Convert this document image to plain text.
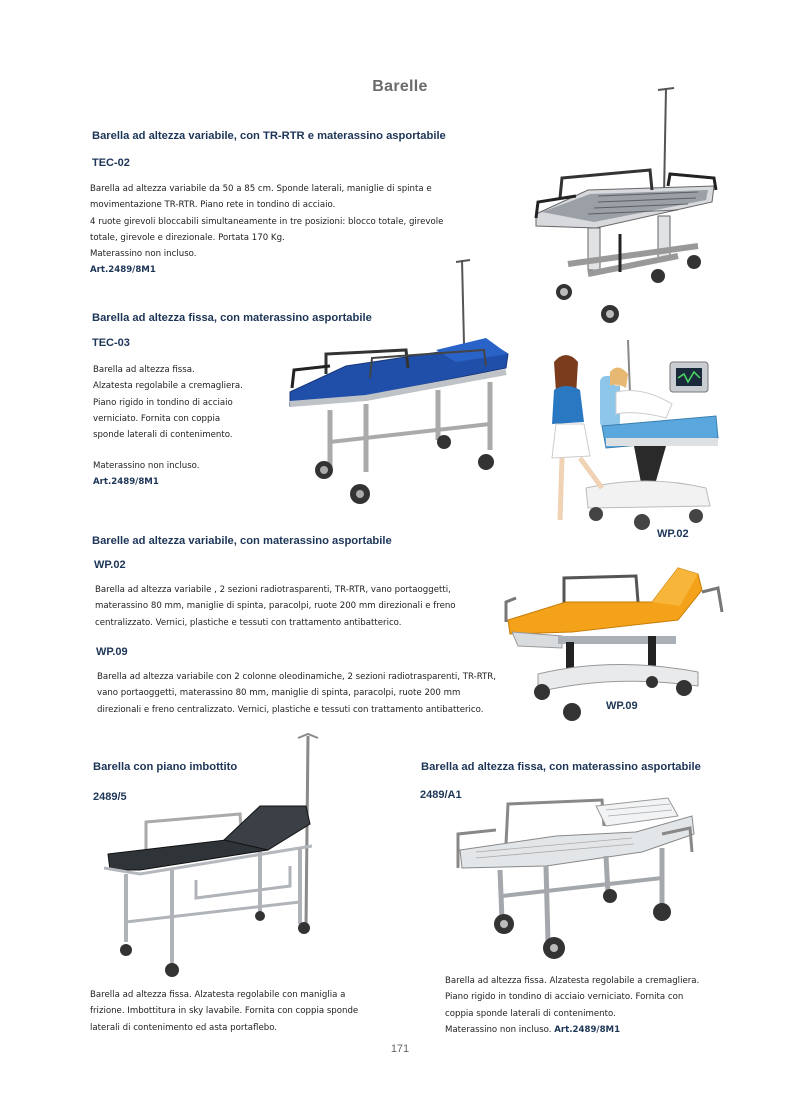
Barelle
Barella ad altezza variabile, con TR-RTR e materassino asportabile
TEC-02

Barella ad altezza variabile da 50 a 85 cm. Sponde laterali, maniglie di spinta e

movimentazione TR-RTR. Piano rete in tondino di acciaio.

4 ruote girevoli bloccabili simultaneamente in tre posizioni: blocco totale, girevole

totale, girevole e direzionale. Portata 170 Kg.

Materassino non incluso.

Art.2489/8M1

Barella ad altezza fissa, con materassino asportabile
TEC-03

Barella ad altezza fissa.

Alzatesta regolabile a cremagliera.

Piano rigido in tondino di acciaio

verniciato. Fornita con coppia

sponde laterali di contenimento.

Materassino non incluso.

Art.2489/8M1

WP.02
Barelle ad altezza variabile, con materassino asportabile
WP.02

Barella ad altezza variabile , 2 sezioni radiotrasparenti, TR-RTR, vano portaoggetti,

materassino 80 mm, maniglie di spinta, paracolpi, ruote 200 mm direzionali e freno

centralizzato. Vernici, plastiche e tessuti con trattamento antibatterico.

WP.09

Barella ad altezza variabile con 2 colonne oleodinamiche, 2 sezioni radiotrasparenti, TR-RTR,

vano portaoggetti, materassino 80 mm, maniglie di spinta, paracolpi, ruote 200 mm

direzionali e freno centralizzato. Vernici, plastiche e tessuti con trattamento antibatterico.	WP.09
Barella con piano imbottito
2489/5

Barella ad altezza fissa. Alzatesta regolabile con maniglia a

frizione. Imbottitura in sky lavabile. Fornita con coppia sponde

laterali di contenimento ed asta portaflebo.

Barella ad altezza fissa, con materassino asportabile
2489/A1

Barella ad altezza fissa. Alzatesta regolabile a cremagliera.

Piano rigido in tondino di acciaio verniciato. Fornita con

coppia sponde laterali di contenimento.

Materassino non incluso. Art.2489/8M1

171
